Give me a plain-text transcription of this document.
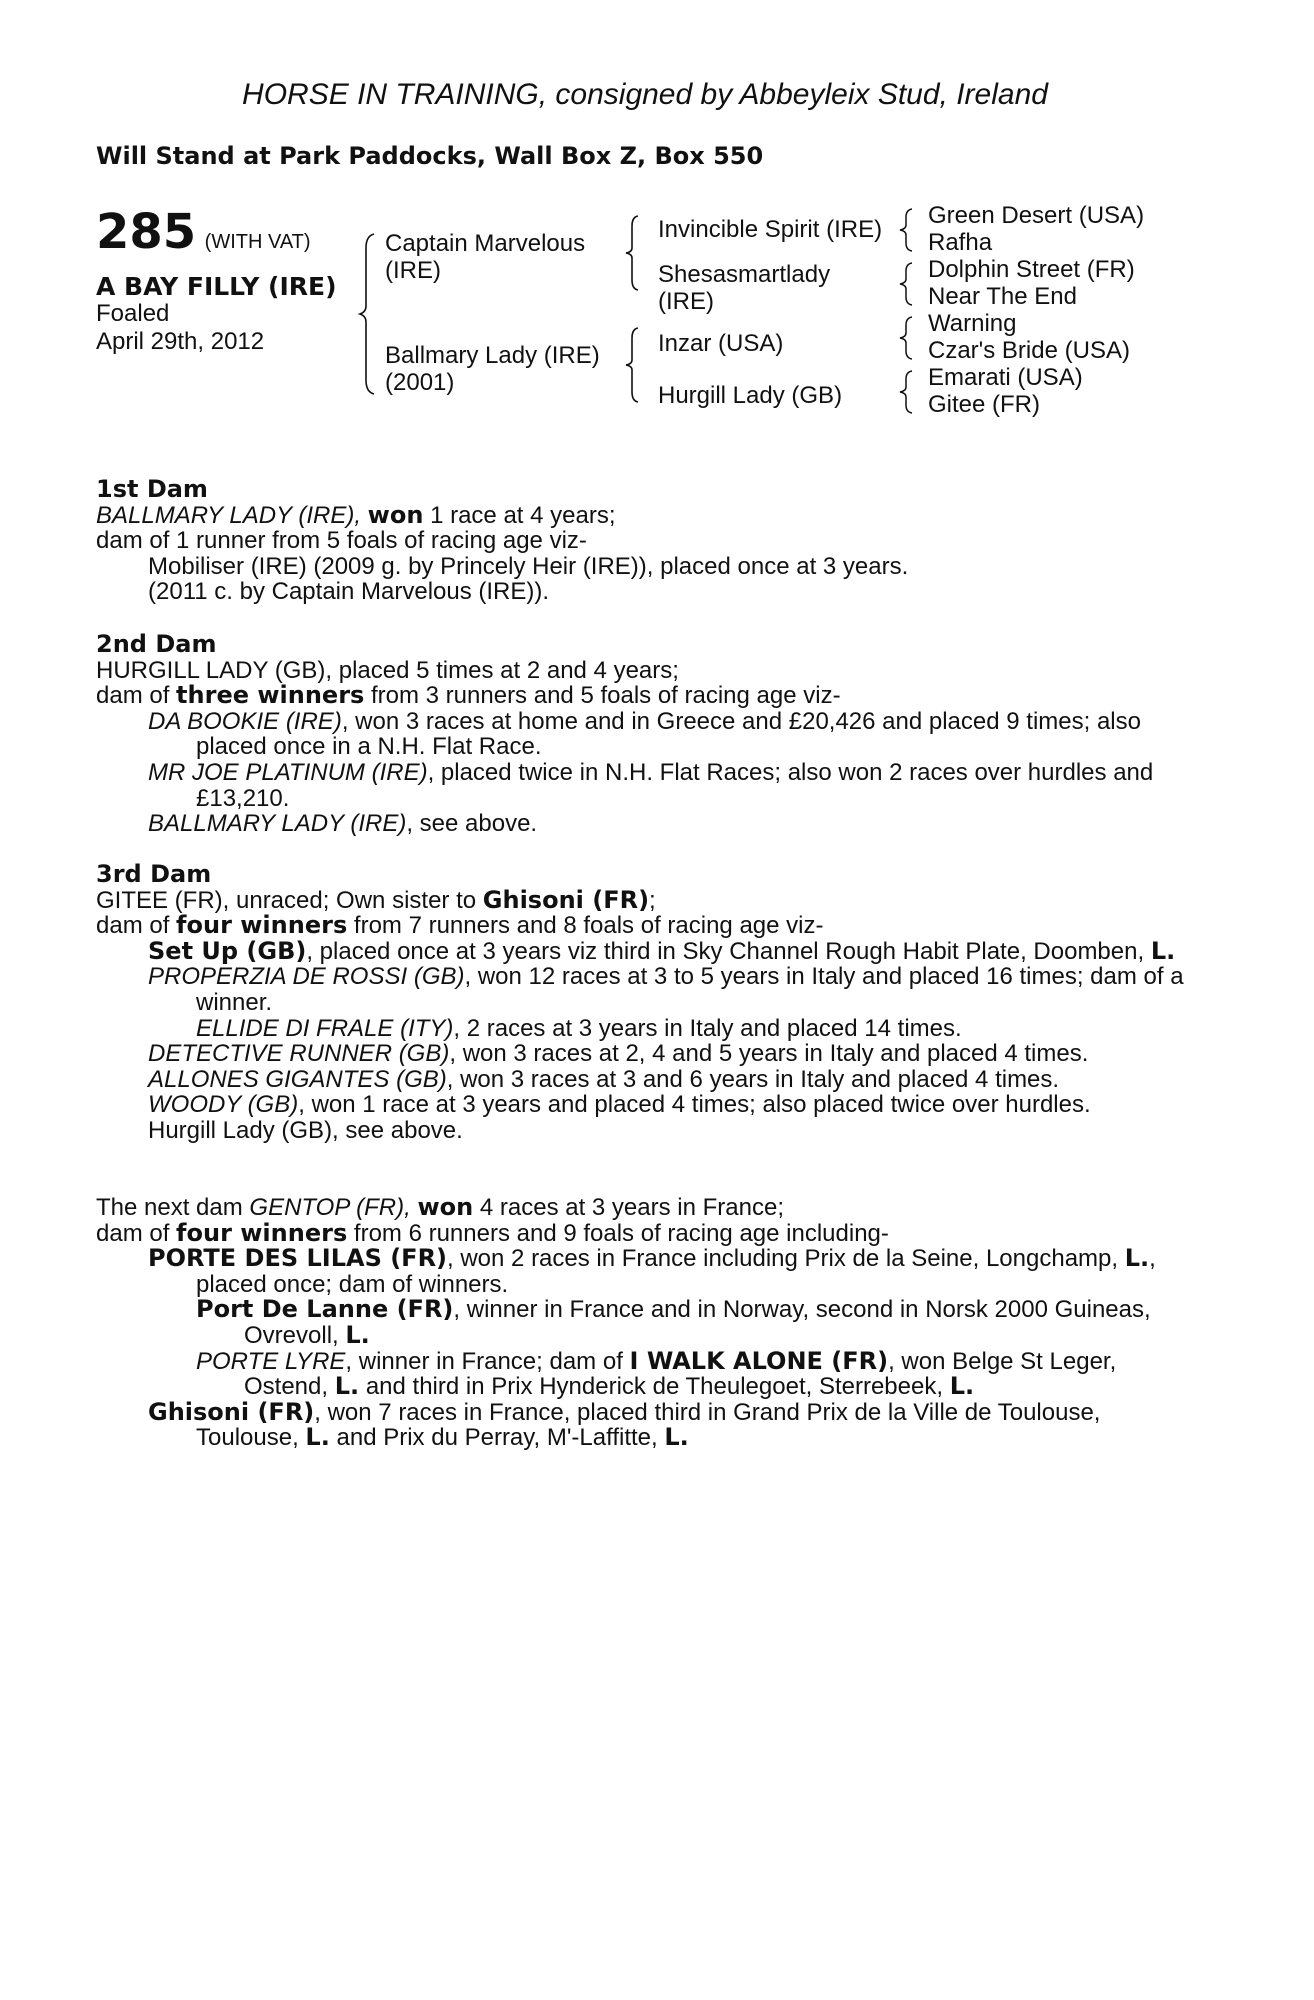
HORSE IN TRAINING, consigned by Abbeyleix Stud, Ireland
Will Stand at Park Paddocks, Wall Box Z, Box 550
285 (WITH VAT)
A BAY FILLY (IRE)
Foaled
April 29th, 2012
Captain Marvelous
(IRE)
Ballmary Lady (IRE)
(2001)
Invincible Spirit (IRE)
Shesasmartlady
(IRE)
Inzar (USA)
Hurgill Lady (GB)
Green Desert (USA)
Rafha
Dolphin Street (FR)
Near The End
Warning
Czar's Bride (USA)
Emarati (USA)
Gitee (FR)

1st Dam

BALLMARY LADY (IRE), won 1 race at 4 years;

dam of 1 runner from 5 foals of racing age viz-

Mobiliser (IRE) (2009 g. by Princely Heir (IRE)), placed once at 3 years.

(2011 c. by Captain Marvelous (IRE)).

2nd Dam

HURGILL LADY (GB), placed 5 times at 2 and 4 years;

dam of three winners from 3 runners and 5 foals of racing age viz-

DA BOOKIE (IRE), won 3 races at home and in Greece and £20,426 and placed 9 times; also placed once in a N.H. Flat Race.

MR JOE PLATINUM (IRE), placed twice in N.H. Flat Races; also won 2 races over hurdles and £13,210.

BALLMARY LADY (IRE), see above.

3rd Dam

GITEE (FR), unraced; Own sister to Ghisoni (FR);

dam of four winners from 7 runners and 8 foals of racing age viz-

Set Up (GB), placed once at 3 years viz third in Sky Channel Rough Habit Plate, Doomben, L.

PROPERZIA DE ROSSI (GB), won 12 races at 3 to 5 years in Italy and placed 16 times; dam of a winner.

ELLIDE DI FRALE (ITY), 2 races at 3 years in Italy and placed 14 times.

DETECTIVE RUNNER (GB), won 3 races at 2, 4 and 5 years in Italy and placed 4 times.

ALLONES GIGANTES (GB), won 3 races at 3 and 6 years in Italy and placed 4 times.

WOODY (GB), won 1 race at 3 years and placed 4 times; also placed twice over hurdles.

Hurgill Lady (GB), see above.

The next dam GENTOP (FR), won 4 races at 3 years in France;

dam of four winners from 6 runners and 9 foals of racing age including-

PORTE DES LILAS (FR), won 2 races in France including Prix de la Seine, Longchamp, L., placed once; dam of winners.

Port De Lanne (FR), winner in France and in Norway, second in Norsk 2000 Guineas, Ovrevoll, L.

PORTE LYRE, winner in France; dam of I WALK ALONE (FR), won Belge St Leger, Ostend, L. and third in Prix Hynderick de Theulegoet, Sterrebeek, L.

Ghisoni (FR), won 7 races in France, placed third in Grand Prix de la Ville de Toulouse, Toulouse, L. and Prix du Perray, M'-Laffitte, L.
